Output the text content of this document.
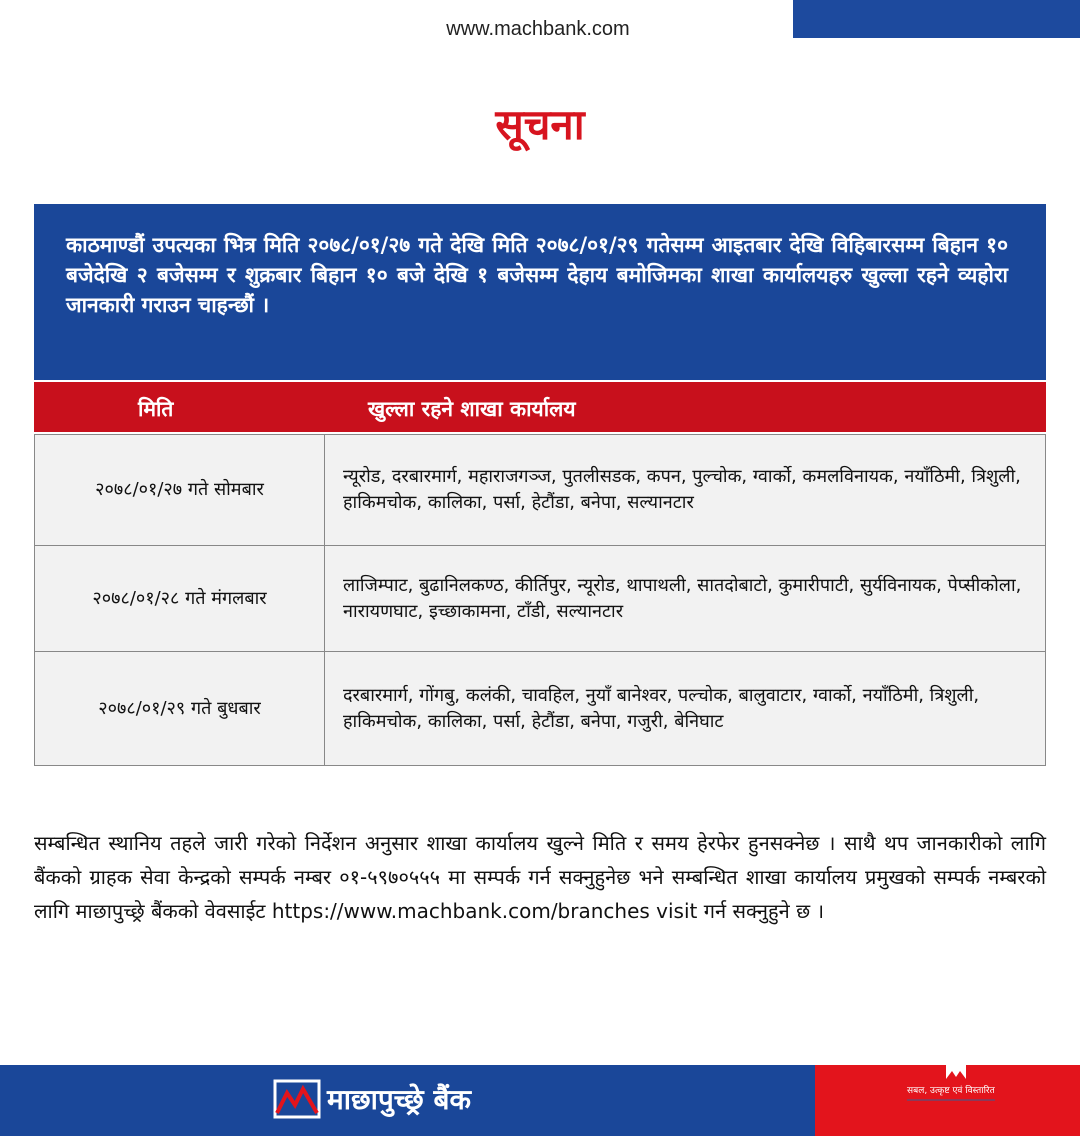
www.machbank.com
सूचना
काठमाण्डौं उपत्यका भित्र मिति २०७८/०१/२७ गते देखि मिति २०७८/०१/२९ गतेसम्म आइतबार देखि विहिबारसम्म बिहान १० बजेदेखि २ बजेसम्म र शुक्रबार बिहान १० बजे देखि १ बजेसम्म देहाय बमोजिमका शाखा कार्यालयहरु खुल्ला रहने व्यहोरा जानकारी गराउन चाहन्छौं ।
मिति	खुल्ला रहने शाखा कार्यालय
२०७८/०१/२७ गते सोमबार	न्यूरोड, दरबारमार्ग, महाराजगञ्ज, पुतलीसडक, कपन, पुल्चोक, ग्वार्को, कमलविनायक, नयाँठिमी, त्रिशुली, हाकिमचोक, कालिका, पर्सा, हेटौंडा, बनेपा, सल्यानटार
२०७८/०१/२८ गते मंगलबार	लाजिम्पाट, बुढानिलकण्ठ, कीर्तिपुर, न्यूरोड, थापाथली, सातदोबाटो, कुमारीपाटी, सुर्यविनायक, पेप्सीकोला, नारायणघाट, इच्छाकामना, टाँडी, सल्यानटार
२०७८/०१/२९ गते बुधबार	दरबारमार्ग, गोंगबु, कलंकी, चावहिल, नुयाँ बानेश्वर, पल्चोक, बालुवाटार, ग्वार्को, नयाँठिमी, त्रिशुली, हाकिमचोक, कालिका, पर्सा, हेटौंडा, बनेपा, गजुरी, बेनिघाट
सम्बन्धित स्थानिय तहले जारी गरेको निर्देशन अनुसार शाखा कार्यालय खुल्ने मिति र समय हेरफेर हुनसक्नेछ । साथै थप जानकारीको लागि बैंकको ग्राहक सेवा केन्द्रको सम्पर्क नम्बर ०१-५९७०५५५ मा सम्पर्क गर्न सक्नुहुनेछ भने सम्बन्धित शाखा कार्यालय प्रमुखको सम्पर्क नम्बरको लागि माछापुच्छ्रे बैंकको वेवसाईट https://www.machbank.com/branches visit गर्न सक्नुहुने छ ।
माछापुच्छ्रे बैंक	सबल, उत्कृष्ट एवं विस्तारित
